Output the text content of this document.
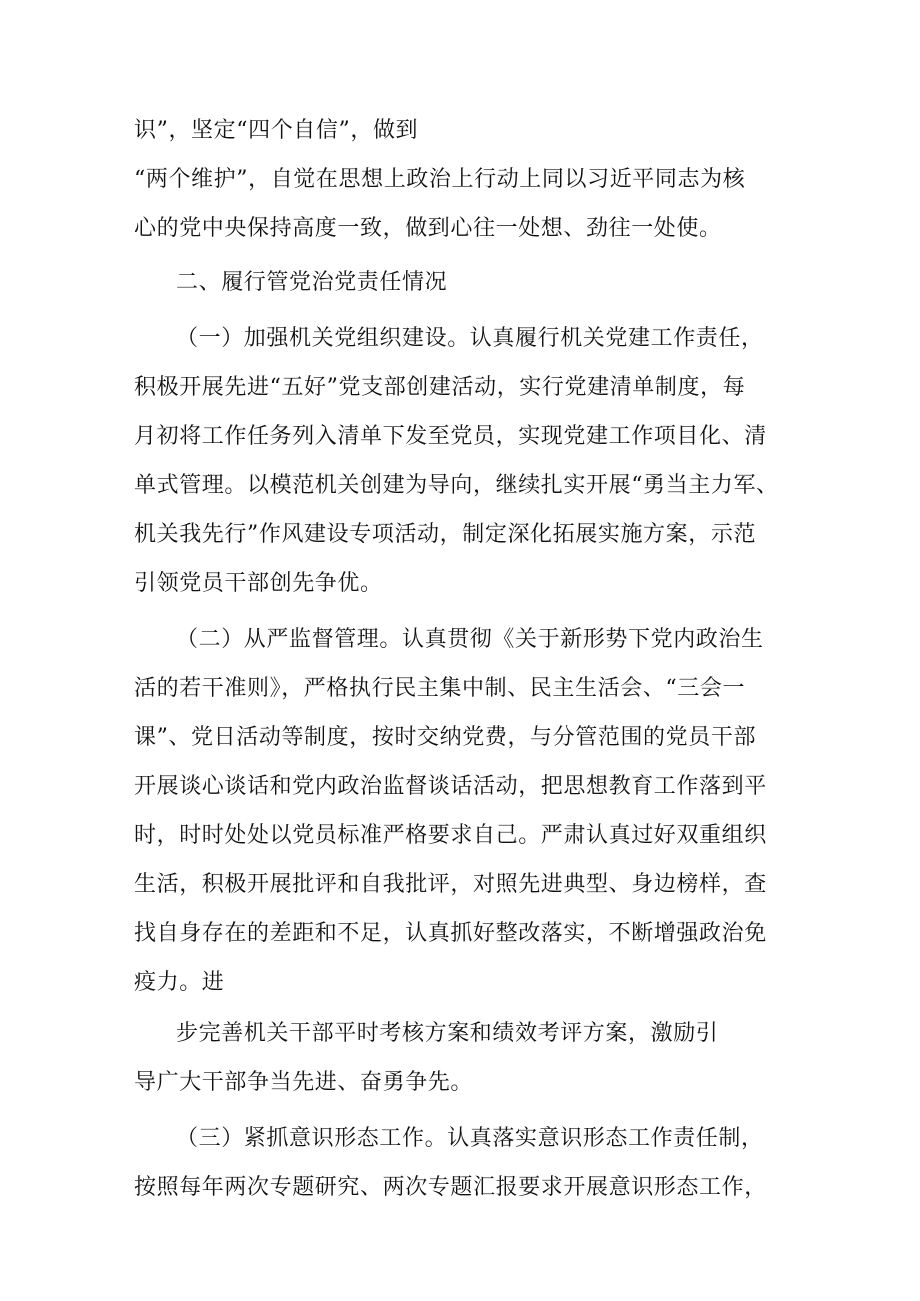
识”，坚定“四个自信”，做到
“两个维护”，自觉在思想上政治上行动上同以习近平同志为核
心的党中央保持高度一致，做到心往一处想、劲往一处使。
二、履行管党治党责任情况
（一）加强机关党组织建设。认真履行机关党建工作责任，
积极开展先进“五好”党支部创建活动，实行党建清单制度，每
月初将工作任务列入清单下发至党员，实现党建工作项目化、清
单式管理。以模范机关创建为导向，继续扎实开展“勇当主力军、
机关我先行”作风建设专项活动，制定深化拓展实施方案，示范
引领党员干部创先争优。
（二）从严监督管理。认真贯彻《关于新形势下党内政治生
活的若干准则》，严格执行民主集中制、民主生活会、“三会一
课”、党日活动等制度，按时交纳党费，与分管范围的党员干部
开展谈心谈话和党内政治监督谈话活动，把思想教育工作落到平
时，时时处处以党员标准严格要求自己。严肃认真过好双重组织
生活，积极开展批评和自我批评，对照先进典型、身边榜样，查
找自身存在的差距和不足，认真抓好整改落实，不断增强政治免
疫力。进
步完善机关干部平时考核方案和绩效考评方案，激励引
导广大干部争当先进、奋勇争先。
（三）紧抓意识形态工作。认真落实意识形态工作责任制，
按照每年两次专题研究、两次专题汇报要求开展意识形态工作，
